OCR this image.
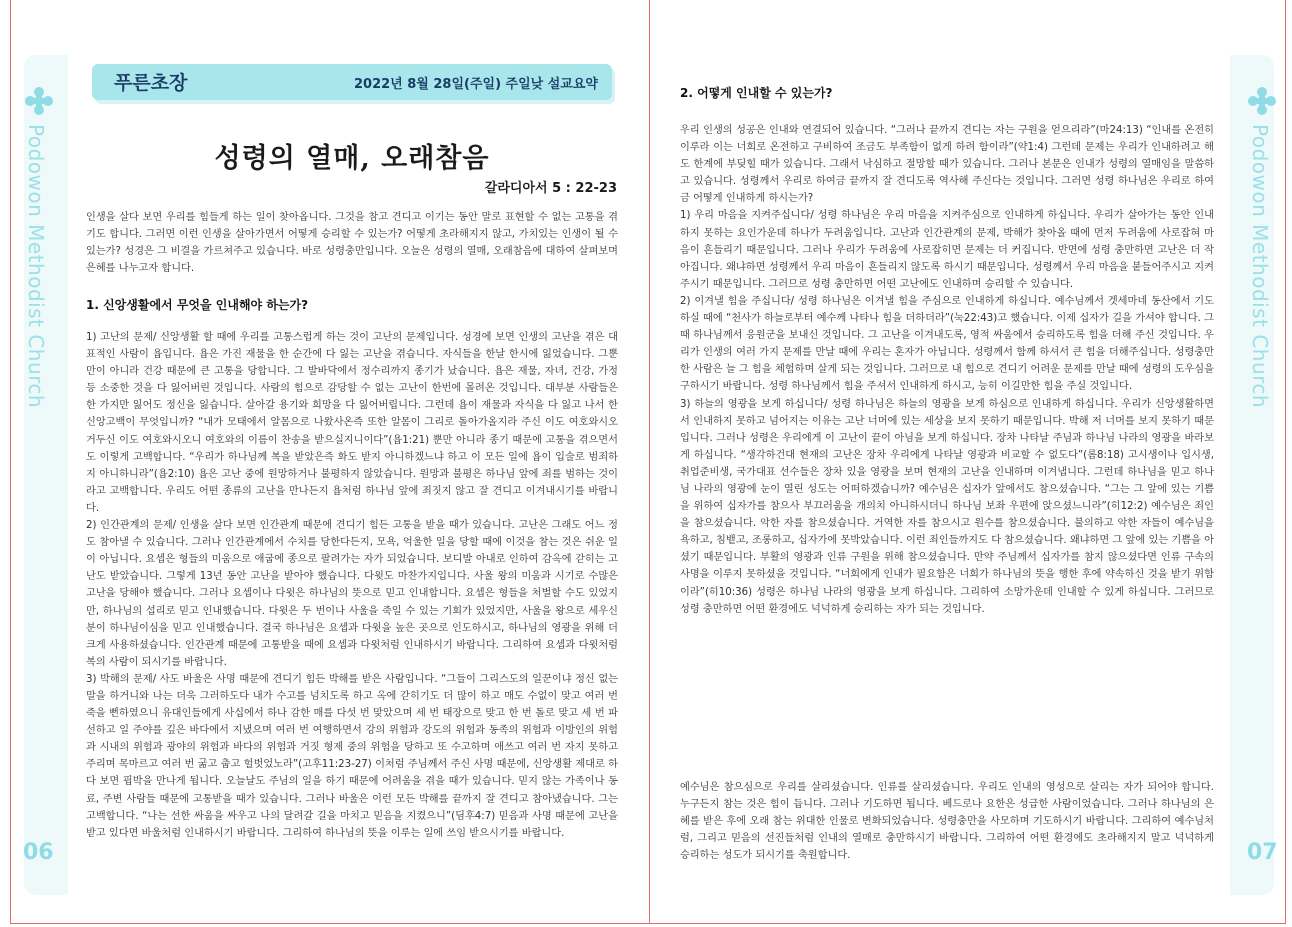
Podowon Methodist Church
06
Podowon Methodist Church
07
푸른초장	2022년 8월 28일(주일) 주일낮 설교요약
성령의 열매, 오래참음
갈라디아서 5 : 22-23

인생을 살다 보면 우리를 힘들게 하는 일이 찾아옵니다. 그것을 참고 견디고 이기는 동안 말로 표현할 수 없는 고통을 겪기도 합니다. 그러면 이런 인생을 살아가면서 어떻게 승리할 수 있는가? 어떻게 초라해지지 않고, 가치있는 인생이 될 수 있는가? 성경은 그 비결을 가르쳐주고 있습니다. 바로 성령충만입니다. 오늘은 성령의 열매, 오래참음에 대하여 살펴보며 은혜를 나누고자 합니다.

1. 신앙생활에서 무엇을 인내해야 하는가?

1) 고난의 문제/ 신앙생활 할 때에 우리를 고통스럽게 하는 것이 고난의 문제입니다. 성경에 보면 인생의 고난을 겪은 대표적인 사람이 욥입니다. 욥은 가진 재물을 한 순간에 다 잃는 고난을 겪습니다. 자식들을 한날 한시에 잃었습니다. 그뿐만이 아니라 건강 때문에 큰 고통을 당합니다. 그 발바닥에서 정수리까지 종기가 났습니다. 욥은 재물, 자녀, 건강, 가정 등 소중한 것을 다 잃어버린 것입니다. 사람의 힘으로 감당할 수 없는 고난이 한번에 몰려온 것입니다. 대부분 사람들은 한 가지만 잃어도 정신을 잃습니다. 살아갈 용기와 희망을 다 잃어버립니다. 그런데 욥이 재물과 자식을 다 잃고 나서 한 신앙고백이 무엇입니까? “내가 모태에서 알몸으로 나왔사온즉 또한 알몸이 그리로 돌아가올지라 주신 이도 여호와시오 거두신 이도 여호와시오니 여호와의 이름이 찬송을 받으실지니이다”(욥1:21) 뿐만 아니라 종기 때문에 고통을 겪으면서도 이렇게 고백합니다. “우리가 하나님께 복을 받았은즉 화도 받지 아니하겠느냐 하고 이 모든 일에 욥이 입술로 범죄하지 아니하니라”(욥2:10) 욥은 고난 중에 원망하거나 불평하지 않았습니다. 원망과 불평은 하나님 앞에 죄를 범하는 것이라고 고백합니다. 우리도 어떤 종류의 고난을 만나든지 욥처럼 하나님 앞에 죄짓지 않고 잘 견디고 이겨내시기를 바랍니다.
2) 인간관계의 문제/ 인생을 살다 보면 인간관계 때문에 견디기 힘든 고통을 받을 때가 있습니다. 고난은 그래도 어느 정도 참아낼 수 있습니다. 그러나 인간관계에서 수치를 당한다든지, 모욕, 억울한 일을 당할 때에 이것을 참는 것은 쉬운 일이 아닙니다. 요셉은 형들의 미움으로 애굽에 종으로 팔려가는 자가 되었습니다. 보디발 아내로 인하여 감옥에 갇히는 고난도 받았습니다. 그렇게 13년 동안 고난을 받아야 했습니다. 다윗도 마찬가지입니다. 사울 왕의 미움과 시기로 수많은 고난을 당해야 했습니다. 그러나 요셉이나 다윗은 하나님의 뜻으로 믿고 인내합니다. 요셉은 형들을 처벌할 수도 있었지만, 하나님의 섭리로 믿고 인내했습니다. 다윗은 두 번이나 사울을 죽일 수 있는 기회가 있었지만, 사울을 왕으로 세우신 분이 하나님이심을 믿고 인내했습니다. 결국 하나님은 요셉과 다윗을 높은 곳으로 인도하시고, 하나님의 영광을 위해 더 크게 사용하셨습니다. 인간관계 때문에 고통받을 때에 요셉과 다윗처럼 인내하시기 바랍니다. 그리하여 요셉과 다윗처럼 복의 사람이 되시기를 바랍니다.
3) 박해의 문제/ 사도 바울은 사명 때문에 견디기 힘든 박해를 받은 사람입니다. “그들이 그리스도의 일꾼이냐 정신 없는 말을 하거니와 나는 더욱 그러하도다 내가 수고를 넘치도록 하고 옥에 갇히기도 더 많이 하고 매도 수없이 맞고 여러 번 죽을 뻔하였으니 유대인들에게 사십에서 하나 감한 매를 다섯 번 맞았으며 세 번 태장으로 맞고 한 번 돌로 맞고 세 번 파선하고 일 주야를 깊은 바다에서 지냈으며 여러 번 여행하면서 강의 위험과 강도의 위험과 동족의 위험과 이방인의 위험과 시내의 위험과 광야의 위험과 바다의 위험과 거짓 형제 중의 위험을 당하고 또 수고하며 애쓰고 여러 번 자지 못하고 주리며 목마르고 여러 번 굶고 춥고 헐벗었노라”(고후11:23-27) 이처럼 주님께서 주신 사명 때문에, 신앙생활 제대로 하다 보면 핍박을 만나게 됩니다. 오늘날도 주님의 일을 하기 때문에 어려움을 겪을 때가 있습니다. 믿지 않는 가족이나 동료, 주변 사람들 때문에 고통받을 때가 있습니다. 그러나 바울은 이런 모든 박해를 끝까지 잘 견디고 참아냈습니다. 그는 고백합니다. “나는 선한 싸움을 싸우고 나의 달려갈 길을 마치고 믿음을 지켰으니”(딤후4:7) 믿음과 사명 때문에 고난을 받고 있다면 바울처럼 인내하시기 바랍니다. 그리하여 하나님의 뜻을 이루는 일에 쓰임 받으시기를 바랍니다.

2. 어떻게 인내할 수 있는가?

우리 인생의 성공은 인내와 연결되어 있습니다. “그러나 끝까지 견디는 자는 구원을 얻으리라”(마24:13) “인내를 온전히 이루라 이는 너희로 온전하고 구비하여 조금도 부족함이 없게 하려 함이라”(약1:4) 그런데 문제는 우리가 인내하려고 해도 한계에 부딪힐 때가 있습니다. 그래서 낙심하고 절망할 때가 있습니다. 그러나 본문은 인내가 성령의 열매임을 말씀하고 있습니다. 성령께서 우리로 하여금 끝까지 잘 견디도록 역사해 주신다는 것입니다. 그러면 성령 하나님은 우리로 하여금 어떻게 인내하게 하시는가?
1) 우리 마음을 지켜주십니다/ 성령 하나님은 우리 마음을 지켜주심으로 인내하게 하십니다. 우리가 살아가는 동안 인내하지 못하는 요인가운데 하나가 두려움입니다. 고난과 인간관계의 문제, 박해가 찾아올 때에 먼저 두려움에 사로잡혀 마음이 흔들리기 때문입니다. 그러나 우리가 두려움에 사로잡히면 문제는 더 커집니다. 반면에 성령 충만하면 고난은 더 작아집니다. 왜냐하면 성령께서 우리 마음이 흔들리지 않도록 하시기 때문입니다. 성령께서 우리 마음을 붙들어주시고 지켜주시기 때문입니다. 그러므로 성령 충만하면 어떤 고난에도 인내하며 승리할 수 있습니다.
2) 이겨낼 힘을 주십니다/ 성령 하나님은 이겨낼 힘을 주심으로 인내하게 하십니다. 예수님께서 겟세마네 동산에서 기도하실 때에 “천사가 하늘로부터 예수께 나타나 힘을 더하더라”(눅22:43)고 했습니다. 이제 십자가 길을 가셔야 합니다. 그때 하나님께서 응원군을 보내신 것입니다. 그 고난을 이겨내도록, 영적 싸움에서 승리하도록 힘을 더해 주신 것입니다. 우리가 인생의 여러 가지 문제를 만날 때에 우리는 혼자가 아닙니다. 성령께서 함께 하셔서 큰 힘을 더해주십니다. 성령충만한 사람은 늘 그 힘을 체험하며 살게 되는 것입니다. 그러므로 내 힘으로 견디기 어려운 문제를 만날 때에 성령의 도우심을 구하시기 바랍니다. 성령 하나님께서 힘을 주셔서 인내하게 하시고, 능히 이길만한 힘을 주실 것입니다.
3) 하늘의 영광을 보게 하십니다/ 성령 하나님은 하늘의 영광을 보게 하심으로 인내하게 하십니다. 우리가 신앙생활하면서 인내하지 못하고 넘어지는 이유는 고난 너머에 있는 세상을 보지 못하기 때문입니다. 박해 저 너머를 보지 못하기 때문입니다. 그러나 성령은 우리에게 이 고난이 끝이 아님을 보게 하십니다. 장차 나타날 주님과 하나님 나라의 영광을 바라보게 하십니다. “생각하건대 현재의 고난은 장차 우리에게 나타날 영광과 비교할 수 없도다”(롬8:18) 고시생이나 입시생, 취업준비생, 국가대표 선수들은 장차 있을 영광을 보며 현재의 고난을 인내하며 이겨냅니다. 그런데 하나님을 믿고 하나님 나라의 영광에 눈이 열린 성도는 어떠하겠습니까? 예수님은 십자가 앞에서도 참으셨습니다. “그는 그 앞에 있는 기쁨을 위하여 십자가를 참으사 부끄러움을 개의치 아니하시더니 하나님 보좌 우편에 앉으셨느니라”(히12:2) 예수님은 죄인을 참으셨습니다. 악한 자를 참으셨습니다. 거역한 자를 참으시고 원수를 참으셨습니다. 불의하고 악한 자들이 예수님을 욕하고, 침뱉고, 조롱하고, 십자가에 못박았습니다. 이런 죄인들까지도 다 참으셨습니다. 왜냐하면 그 앞에 있는 기쁨을 아셨기 때문입니다. 부활의 영광과 인류 구원을 위해 참으셨습니다. 만약 주님께서 십자가를 참지 않으셨다면 인류 구속의 사명을 이루지 못하셨을 것입니다. “너희에게 인내가 필요함은 너희가 하나님의 뜻을 행한 후에 약속하신 것을 받기 위함이라”(히10:36) 성령은 하나님 나라의 영광을 보게 하십니다. 그리하여 소망가운데 인내할 수 있게 하십니다. 그러므로 성령 충만하면 어떤 환경에도 넉넉하게 승리하는 자가 되는 것입니다.

예수님은 참으심으로 우리를 살리셨습니다. 인류를 살리셨습니다. 우리도 인내의 영성으로 살리는 자가 되어야 합니다. 누구든지 참는 것은 힘이 듭니다. 그러나 기도하면 됩니다. 베드로나 요한은 성급한 사람이었습니다. 그러나 하나님의 은혜를 받은 후에 오래 참는 위대한 인물로 변화되었습니다. 성령충만을 사모하며 기도하시기 바랍니다. 그리하여 예수님처럼, 그리고 믿음의 선진들처럼 인내의 열매로 충만하시기 바랍니다. 그리하여 어떤 환경에도 초라해지지 말고 넉넉하게 승리하는 성도가 되시기를 축원합니다.
